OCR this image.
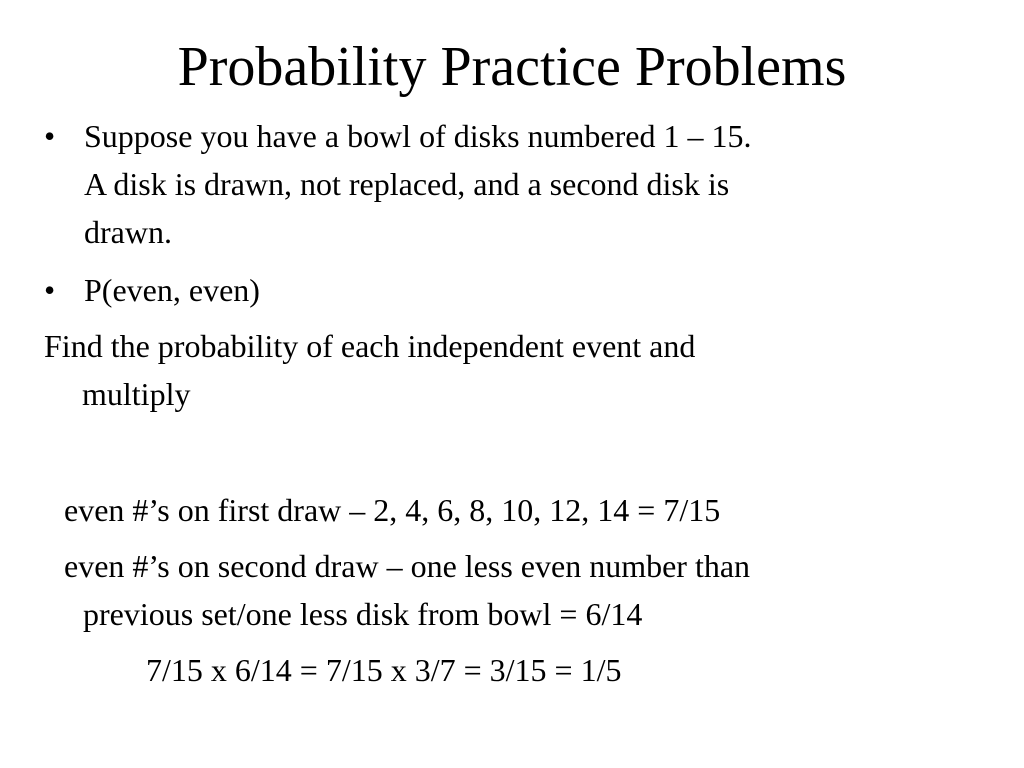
Probability Practice Problems
• Suppose you have a bowl of disks numbered 1 – 15.
A disk is drawn, not replaced, and a second disk is
drawn.
• P(even, even)
Find the probability of each independent event and
multiply
even #’s on first draw – 2, 4, 6, 8, 10, 12, 14 = 7/15
even #’s on second draw – one less even number than
previous set/one less disk from bowl = 6/14
7/15 x 6/14 = 7/15 x 3/7 = 3/15 = 1/5
